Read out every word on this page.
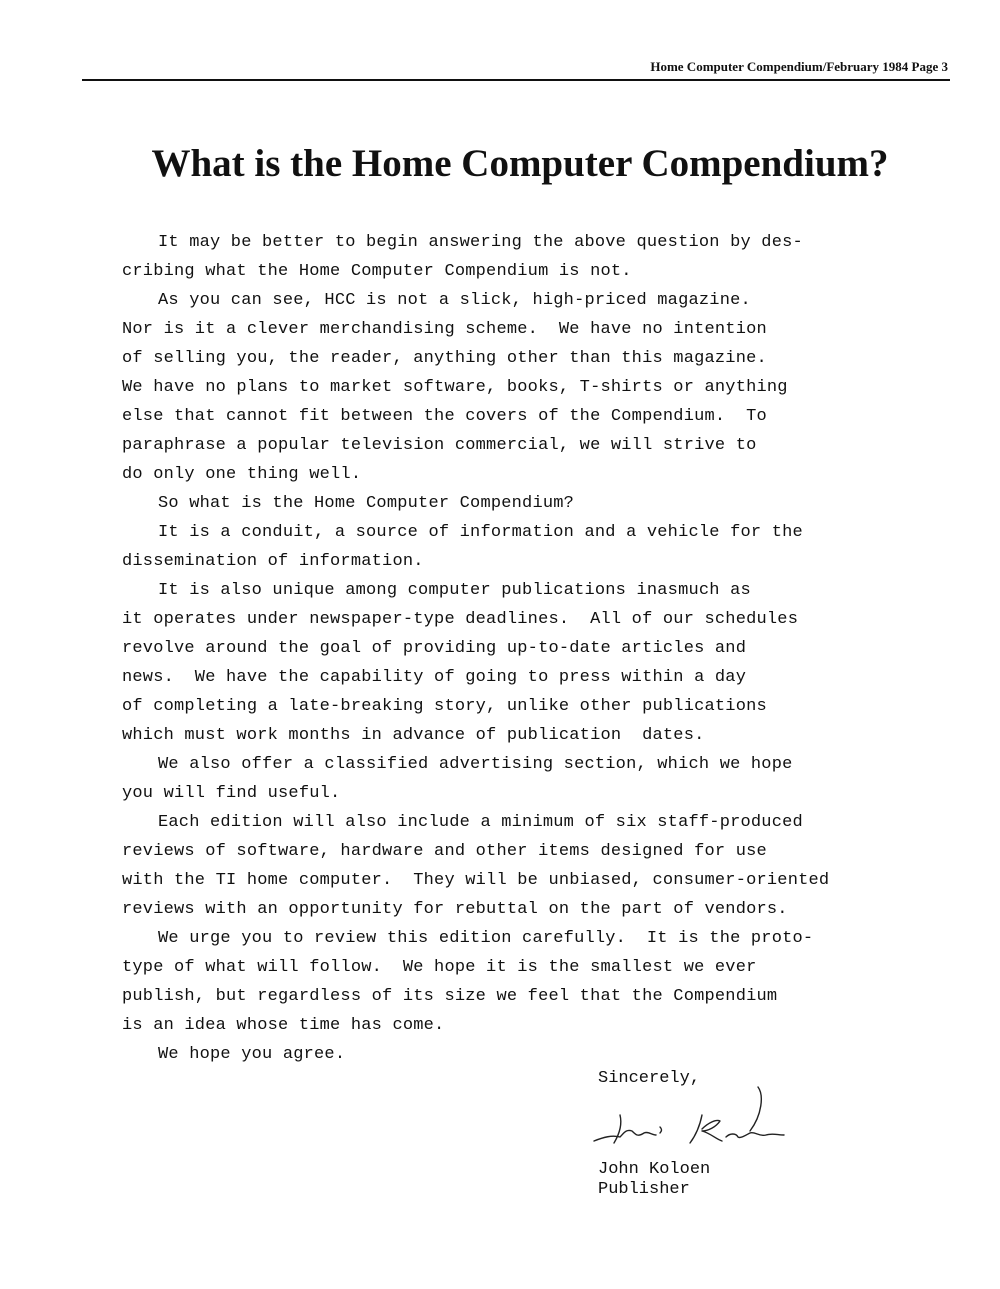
Home Computer Compendium/February 1984 Page 3
What is the Home Computer Compendium?
It may be better to begin answering the above question by des-
cribing what the Home Computer Compendium is not.
As you can see, HCC is not a slick, high-priced magazine.
Nor is it a clever merchandising scheme.  We have no intention
of selling you, the reader, anything other than this magazine.
We have no plans to market software, books, T-shirts or anything
else that cannot fit between the covers of the Compendium.  To
paraphrase a popular television commercial, we will strive to
do only one thing well.
So what is the Home Computer Compendium?
It is a conduit, a source of information and a vehicle for the
dissemination of information.
It is also unique among computer publications inasmuch as
it operates under newspaper-type deadlines.  All of our schedules
revolve around the goal of providing up-to-date articles and
news.  We have the capability of going to press within a day
of completing a late-breaking story, unlike other publications
which must work months in advance of publication  dates.
We also offer a classified advertising section, which we hope
you will find useful.
Each edition will also include a minimum of six staff-produced
reviews of software, hardware and other items designed for use
with the TI home computer.  They will be unbiased, consumer-oriented
reviews with an opportunity for rebuttal on the part of vendors.
We urge you to review this edition carefully.  It is the proto-
type of what will follow.  We hope it is the smallest we ever
publish, but regardless of its size we feel that the Compendium
is an idea whose time has come.
We hope you agree.
Sincerely,
John Koloen
Publisher
